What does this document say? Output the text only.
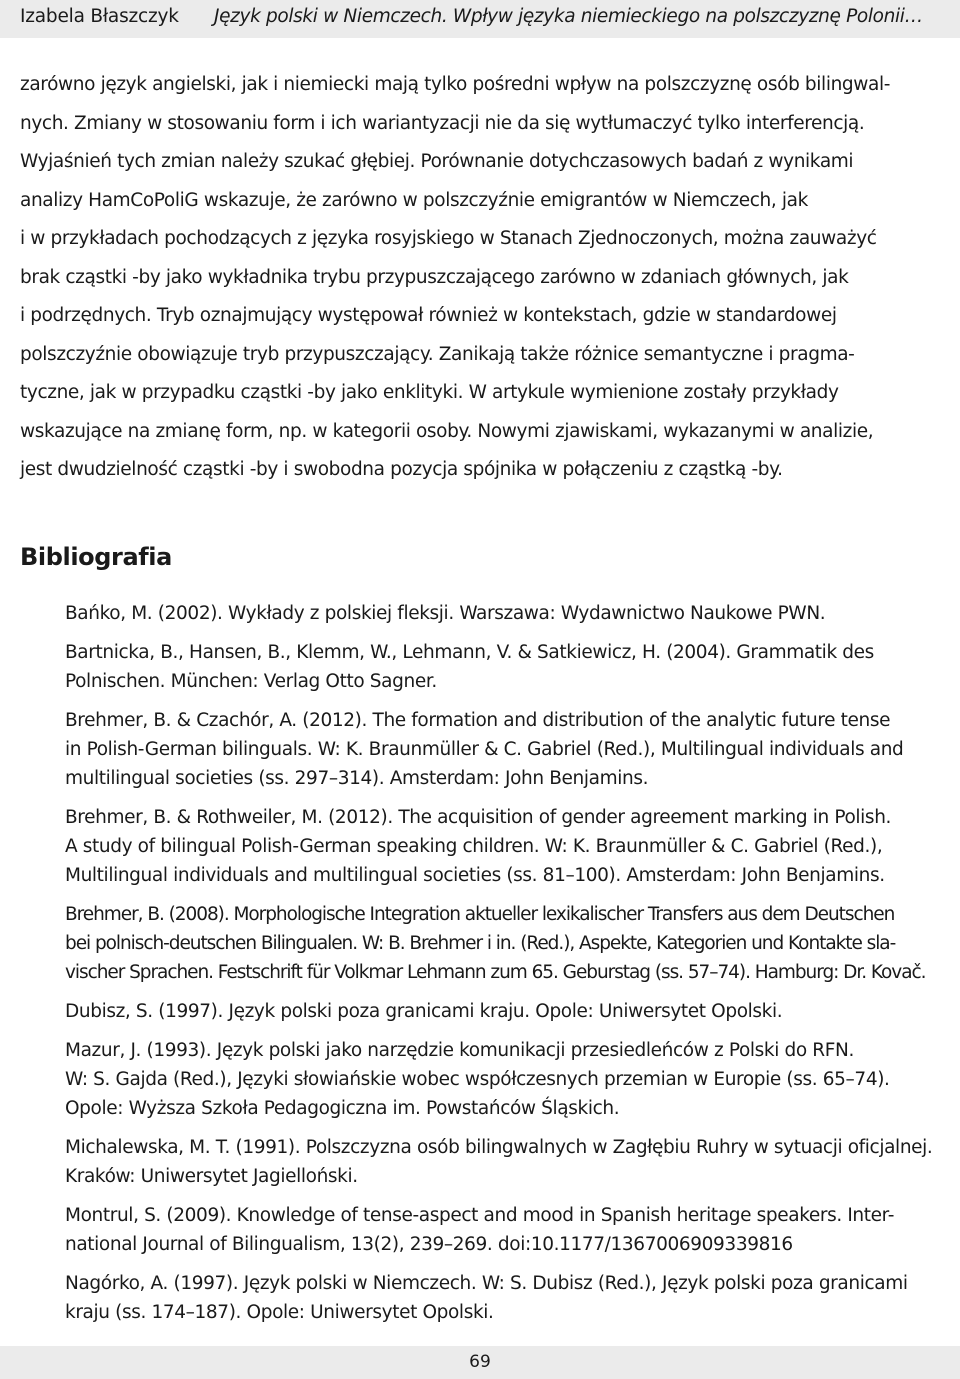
Izabela Błaszczyk Język polski w Niemczech. Wpływ języka niemieckiego na polszczyznę Polonii…

zarówno język angielski, jak i niemiecki mają tylko pośredni wpływ na polszczyznę osób bilingwal-
nych. Zmiany w stosowaniu form i ich wariantyzacji nie da się wytłumaczyć tylko interferencją.
Wyjaśnień tych zmian należy szukać głębiej. Porównanie dotychczasowych badań z wynikami
analizy HamCoPoliG wskazuje, że zarówno w polszczyźnie emigrantów w Niemczech, jak
i w przykładach pochodzących z języka rosyjskiego w Stanach Zjednoczonych, można zauważyć
brak cząstki -by jako wykładnika trybu przypuszczającego zarówno w zdaniach głównych, jak
i podrzędnych. Tryb oznajmujący występował również w kontekstach, gdzie w standardowej
polszczyźnie obowiązuje tryb przypuszczający. Zanikają także różnice semantyczne i pragma-
tyczne, jak w przypadku cząstki -by jako enklityki. W artykule wymienione zostały przykłady
wskazujące na zmianę form, np. w kategorii osoby. Nowymi zjawiskami, wykazanymi w analizie,
jest dwudzielność cząstki -by i swobodna pozycja spójnika w połączeniu z cząstką -by.

Bibliografia
Bańko, M. (2002). Wykłady z polskiej fleksji. Warszawa: Wydawnictwo Naukowe PWN.
Bartnicka, B., Hansen, B., Klemm, W., Lehmann, V. & Satkiewicz, H. (2004). Grammatik des
Polnischen. München: Verlag Otto Sagner.
Brehmer, B. & Czachór, A. (2012). The formation and distribution of the analytic future tense
in Polish-German bilinguals. W: K. Braunmüller & C. Gabriel (Red.), Multilingual individuals and
multilingual societies (ss. 297–314). Amsterdam: John Benjamins.
Brehmer, B. & Rothweiler, M. (2012). The acquisition of gender agreement marking in Polish.
A study of bilingual Polish-German speaking children. W: K. Braunmüller & C. Gabriel (Red.),
Multilingual individuals and multilingual societies (ss. 81–100). Amsterdam: John Benjamins.
Brehmer, B. (2008). Morphologische Integration aktueller lexikalischer Transfers aus dem Deutschen
bei polnisch-deutschen Bilingualen. W: B. Brehmer i in. (Red.), Aspekte, Kategorien und Kontakte sla-
vischer Sprachen. Festschrift für Volkmar Lehmann zum 65. Geburstag (ss. 57–74). Hamburg: Dr. Kovač.
Dubisz, S. (1997). Język polski poza granicami kraju. Opole: Uniwersytet Opolski.
Mazur, J. (1993). Język polski jako narzędzie komunikacji przesiedleńców z Polski do RFN.
W: S. Gajda (Red.), Języki słowiańskie wobec współczesnych przemian w Europie (ss. 65–74).
Opole: Wyższa Szkoła Pedagogiczna im. Powstańców Śląskich.
Michalewska, M. T. (1991). Polszczyzna osób bilingwalnych w Zagłębiu Ruhry w sytuacji oficjalnej.
Kraków: Uniwersytet Jagielloński.
Montrul, S. (2009). Knowledge of tense-aspect and mood in Spanish heritage speakers. Inter-
national Journal of Bilingualism, 13(2), 239–269. doi:10.1177/1367006909339816
Nagórko, A. (1997). Język polski w Niemczech. W: S. Dubisz (Red.), Język polski poza granicami
kraju (ss. 174–187). Opole: Uniwersytet Opolski.
69
